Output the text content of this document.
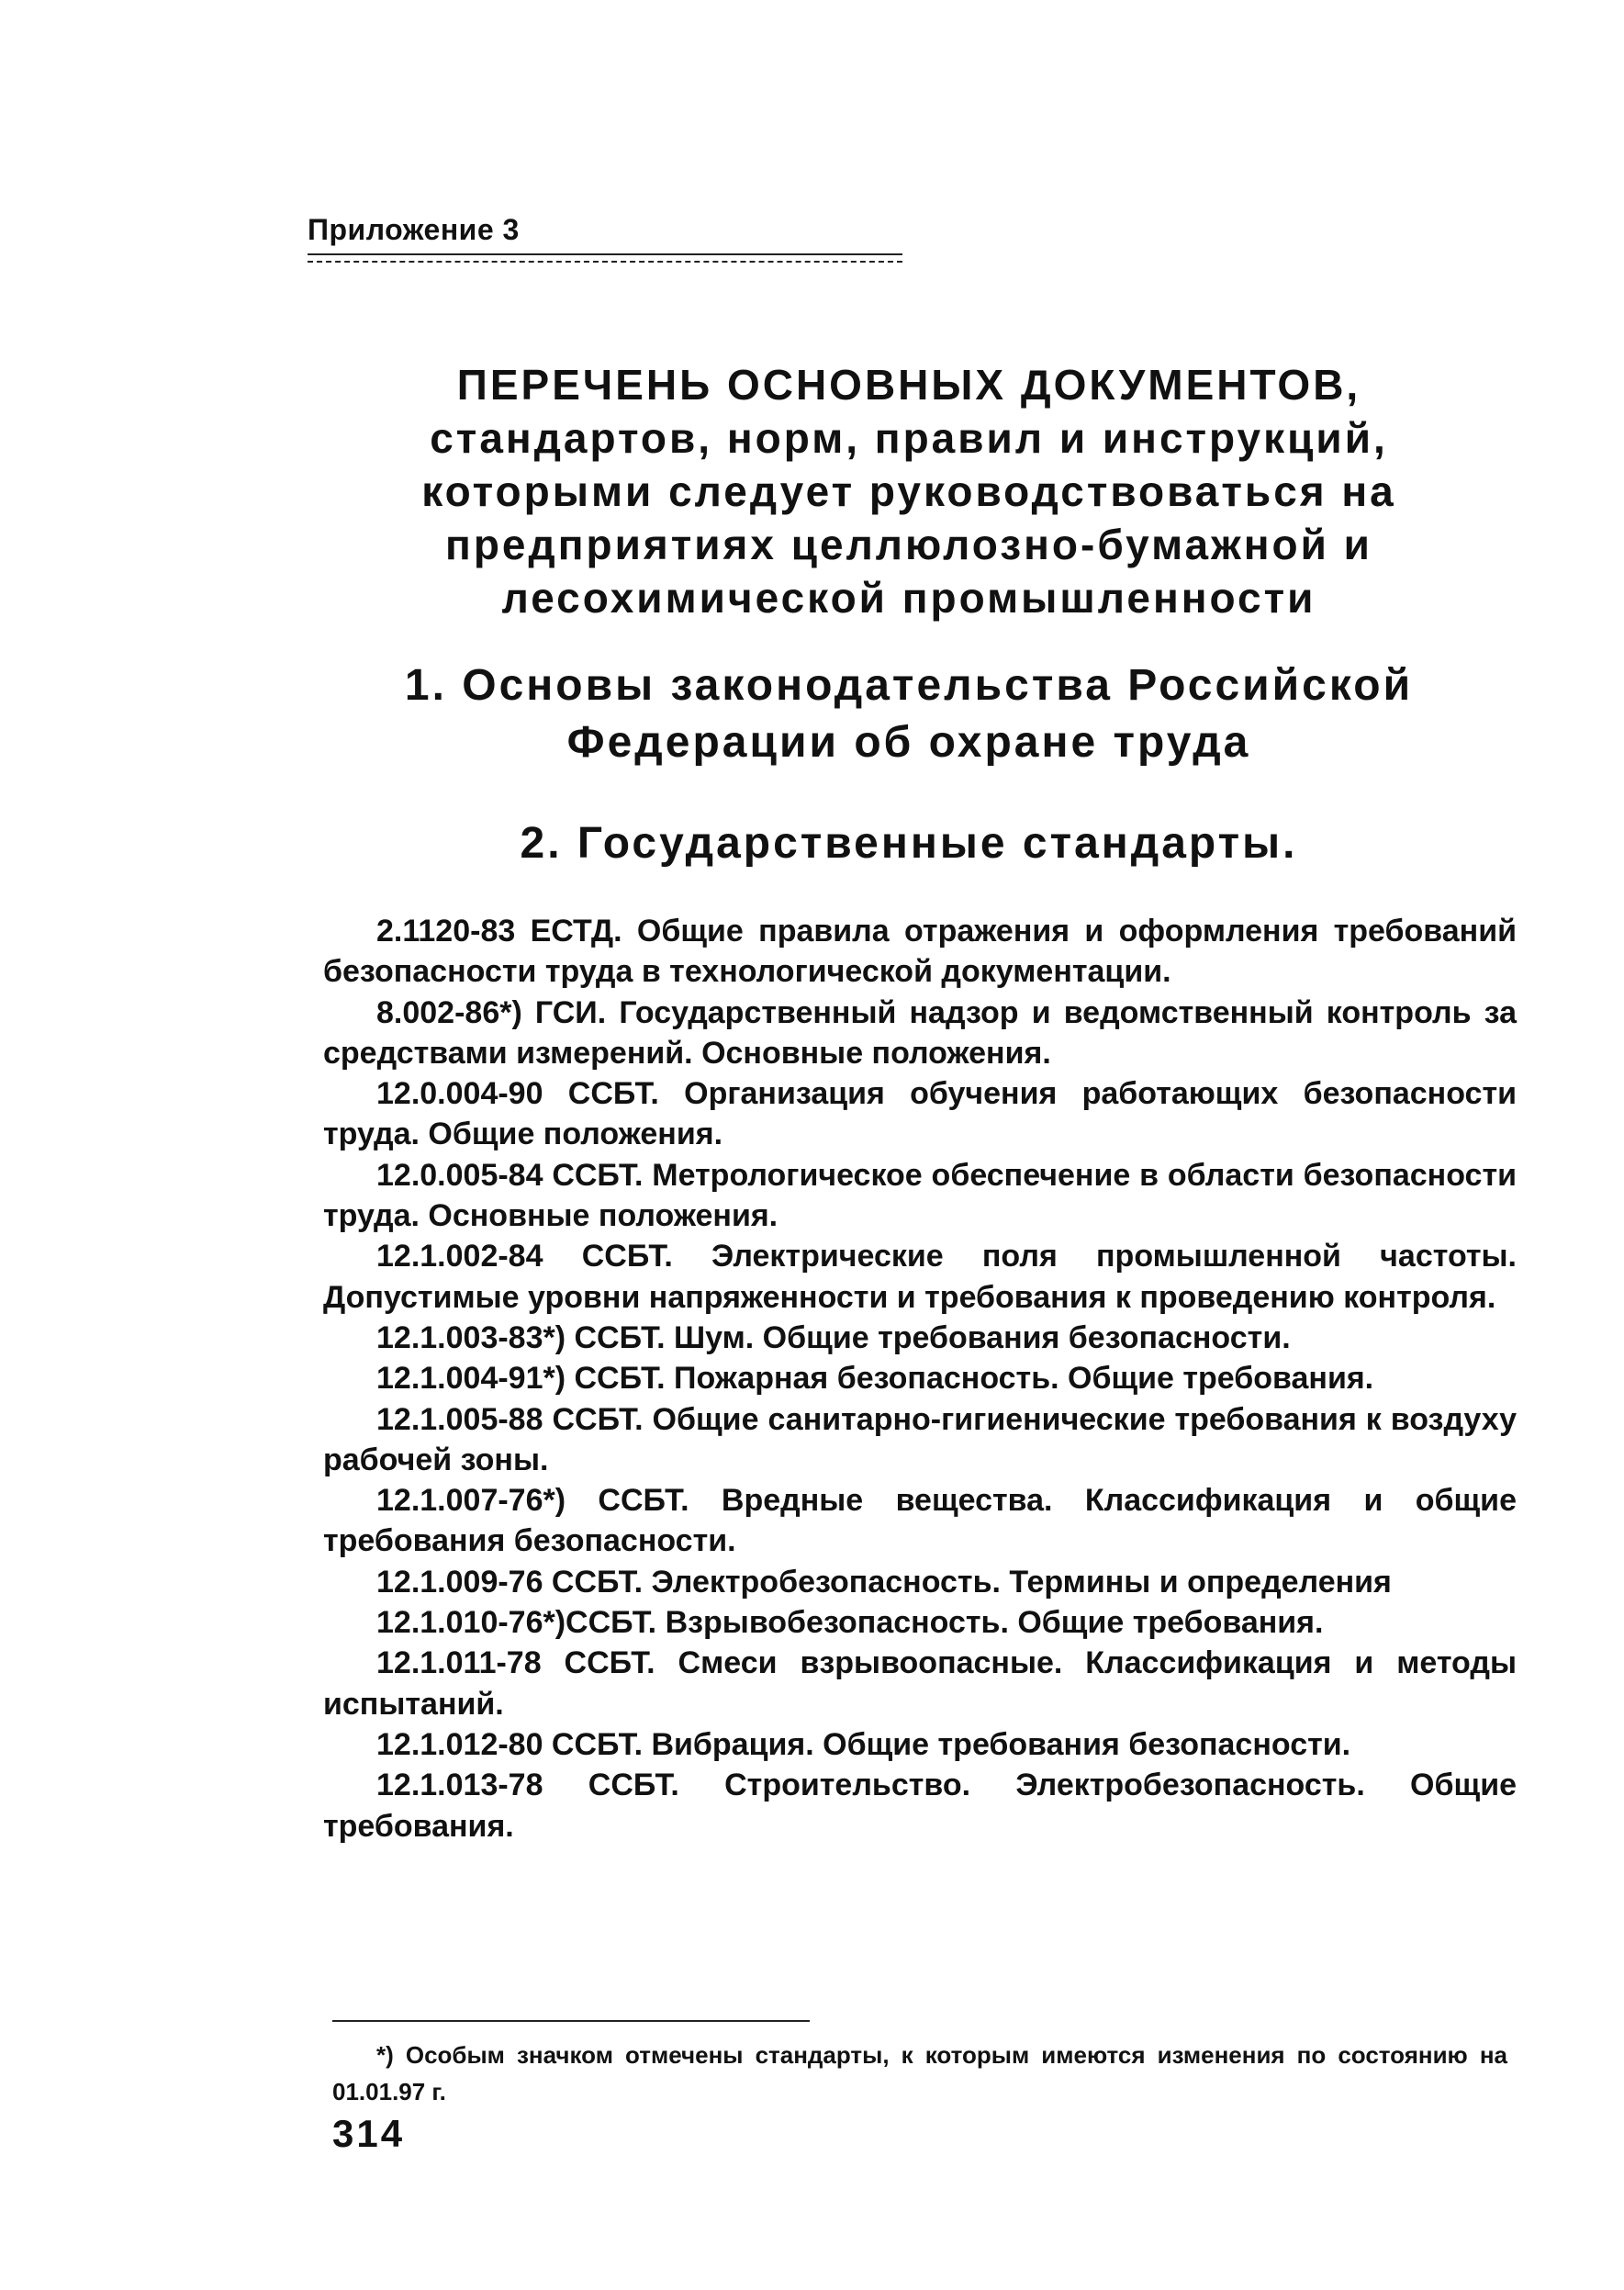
Приложение 3
ПЕРЕЧЕНЬ ОСНОВНЫХ ДОКУМЕНТОВ,
стандартов, норм, правил и инструкций,
которыми следует руководствоваться на
предприятиях целлюлозно-бумажной и
лесохимической промышленности
1. Основы законодательства Российской
Федерации об охране труда
2. Государственные стандарты.

2.1120-83 ЕСТД. Общие правила отражения и оформления требований безопасности труда в технологической документации.

8.002-86*) ГСИ. Государственный надзор и ведомственный контроль за средствами измерений. Основные положения.

12.0.004-90 ССБТ. Организация обучения работающих безопасности труда. Общие положения.

12.0.005-84 ССБТ. Метрологическое обеспечение в области безопасности труда. Основные положения.

12.1.002-84 ССБТ. Электрические поля промышленной частоты. Допустимые уровни напряженности и требования к проведению контроля.

12.1.003-83*) ССБТ. Шум. Общие требования безопасности.

12.1.004-91*) ССБТ. Пожарная безопасность. Общие требования.

12.1.005-88 ССБТ. Общие санитарно-гигиенические требования к воздуху рабочей зоны.

12.1.007-76*) ССБТ. Вредные вещества. Классификация и общие требования безопасности.

12.1.009-76 ССБТ. Электробезопасность. Термины и определения

12.1.010-76*)ССБТ. Взрывобезопасность. Общие требования.

12.1.011-78 ССБТ. Смеси взрывоопасные. Классификация и методы испытаний.

12.1.012-80 ССБТ. Вибрация. Общие требования безопасности.

12.1.013-78 ССБТ. Строительство. Электробезопасность. Общие требования.

*) Особым значком отмечены стандарты, к которым имеются изменения по состоянию на 01.01.97 г.
314
